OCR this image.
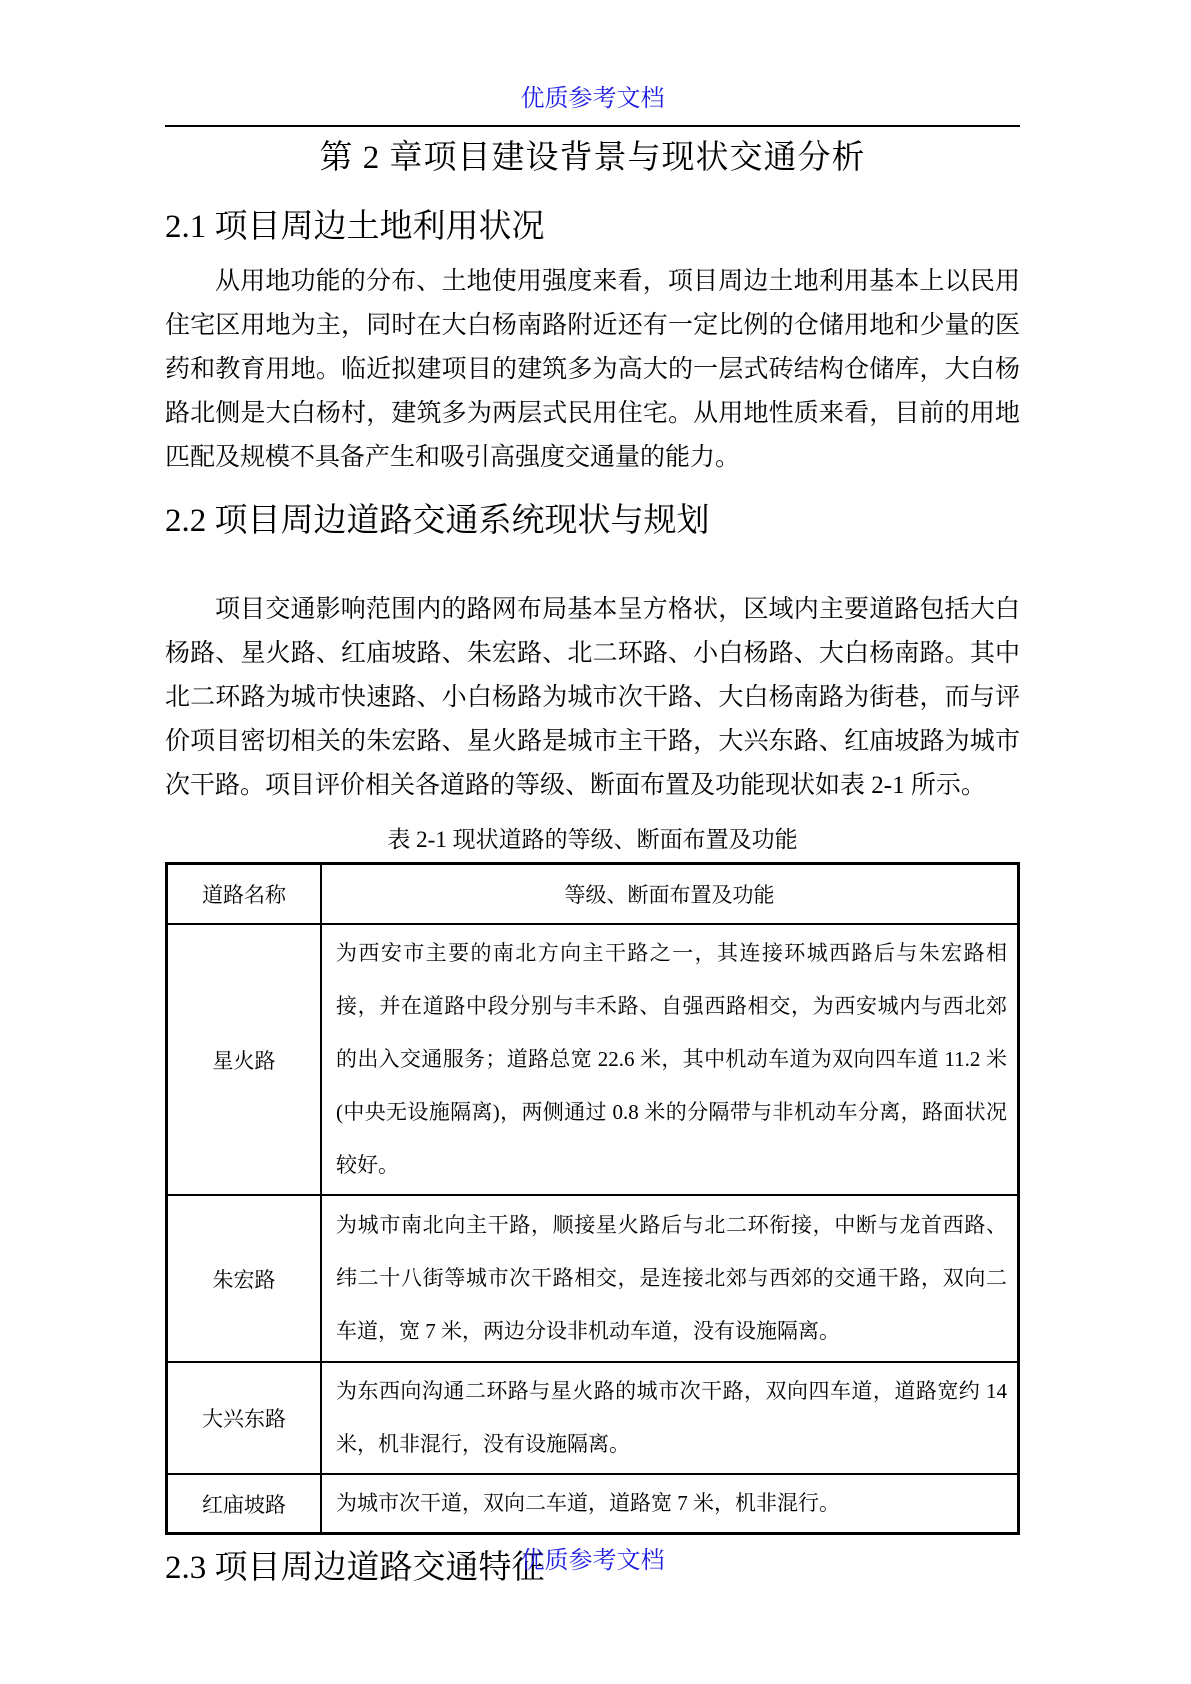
优质参考文档
第 2 章项目建设背景与现状交通分析
2.1 项目周边土地利用状况

从用地功能的分布、土地使用强度来看，项目周边土地利用基本上以民用住宅区用地为主，同时在大白杨南路附近还有一定比例的仓储用地和少量的医药和教育用地。临近拟建项目的建筑多为高大的一层式砖结构仓储库，大白杨路北侧是大白杨村，建筑多为两层式民用住宅。从用地性质来看，目前的用地匹配及规模不具备产生和吸引高强度交通量的能力。

2.2 项目周边道路交通系统现状与规划

项目交通影响范围内的路网布局基本呈方格状，区域内主要道路包括大白杨路、星火路、红庙坡路、朱宏路、北二环路、小白杨路、大白杨南路。其中北二环路为城市快速路、小白杨路为城市次干路、大白杨南路为街巷，而与评价项目密切相关的朱宏路、星火路是城市主干路，大兴东路、红庙坡路为城市次干路。项目评价相关各道路的等级、断面布置及功能现状如表 2-1 所示。

表 2-1 现状道路的等级、断面布置及功能
道路名称	等级、断面布置及功能
星火路	为西安市主要的南北方向主干路之一，其连接环城西路后与朱宏路相接，并在道路中段分别与丰禾路、自强西路相交，为西安城内与西北郊的出入交通服务；道路总宽 22.6 米，其中机动车道为双向四车道 11.2 米(中央无设施隔离)，两侧通过 0.8 米的分隔带与非机动车分离，路面状况较好。
朱宏路	为城市南北向主干路，顺接星火路后与北二环衔接，中断与龙首西路、纬二十八街等城市次干路相交，是连接北郊与西郊的交通干路，双向二车道，宽 7 米，两边分设非机动车道，没有设施隔离。
大兴东路	为东西向沟通二环路与星火路的城市次干路，双向四车道，道路宽约 14 米，机非混行，没有设施隔离。
红庙坡路	为城市次干道，双向二车道，道路宽 7 米，机非混行。
2.3 项目周边道路交通特征
优质参考文档
